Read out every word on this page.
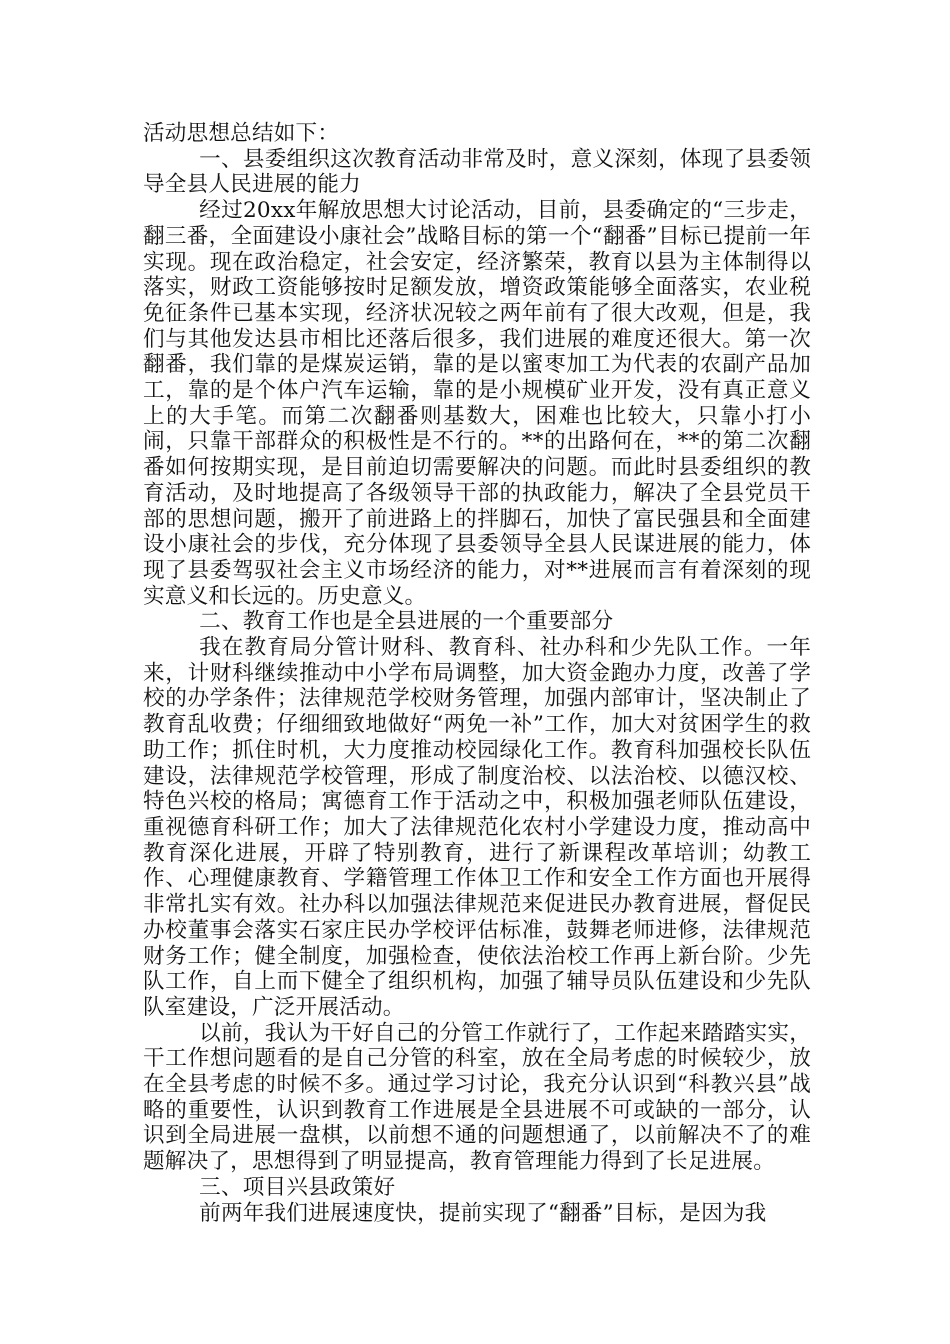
活动思想总结如下：

一、县委组织这次教育活动非常及时，意义深刻，体现了县委领导全县人民进展的能力

经过20xx年解放思想大讨论活动，目前，县委确定的“三步走，翻三番，全面建设小康社会”战略目标的第一个“翻番”目标已提前一年实现。现在政治稳定，社会安定，经济繁荣，教育以县为主体制得以落实，财政工资能够按时足额发放，增资政策能够全面落实，农业税免征条件已基本实现，经济状况较之两年前有了很大改观，但是，我们与其他发达县市相比还落后很多，我们进展的难度还很大。第一次翻番，我们靠的是煤炭运销，靠的是以蜜枣加工为代表的农副产品加工，靠的是个体户汽车运输，靠的是小规模矿业开发，没有真正意义上的大手笔。而第二次翻番则基数大，困难也比较大，只靠小打小闹，只靠干部群众的积极性是不行的。**的出路何在，**的第二次翻番如何按期实现，是目前迫切需要解决的问题。而此时县委组织的教育活动，及时地提高了各级领导干部的执政能力，解决了全县党员干部的思想问题，搬开了前进路上的拌脚石，加快了富民强县和全面建设小康社会的步伐，充分体现了县委领导全县人民谋进展的能力，体现了县委驾驭社会主义市场经济的能力，对**进展而言有着深刻的现实意义和长远的。历史意义。

二、教育工作也是全县进展的一个重要部分

我在教育局分管计财科、教育科、社办科和少先队工作。一年来，计财科继续推动中小学布局调整，加大资金跑办力度，改善了学校的办学条件；法律规范学校财务管理，加强内部审计，坚决制止了教育乱收费；仔细细致地做好“两免一补”工作，加大对贫困学生的救助工作；抓住时机，大力度推动校园绿化工作。教育科加强校长队伍建设，法律规范学校管理，形成了制度治校、以法治校、以德汉校、特色兴校的格局；寓德育工作于活动之中，积极加强老师队伍建设，重视德育科研工作；加大了法律规范化农村小学建设力度，推动高中教育深化进展，开辟了特别教育，进行了新课程改革培训；幼教工作、心理健康教育、学籍管理工作体卫工作和安全工作方面也开展得非常扎实有效。社办科以加强法律规范来促进民办教育进展，督促民办校董事会落实石家庄民办学校评估标准，鼓舞老师进修，法律规范财务工作；健全制度，加强检查，使依法治校工作再上新台阶。少先队工作，自上而下健全了组织机构，加强了辅导员队伍建设和少先队队室建设，广泛开展活动。

以前，我认为干好自己的分管工作就行了，工作起来踏踏实实，干工作想问题看的是自己分管的科室，放在全局考虑的时候较少，放在全县考虑的时候不多。通过学习讨论，我充分认识到“科教兴县”战略的重要性，认识到教育工作进展是全县进展不可或缺的一部分，认识到全局进展一盘棋，以前想不通的问题想通了，以前解决不了的难题解决了，思想得到了明显提高，教育管理能力得到了长足进展。

三、项目兴县政策好

前两年我们进展速度快，提前实现了“翻番”目标，是因为我
